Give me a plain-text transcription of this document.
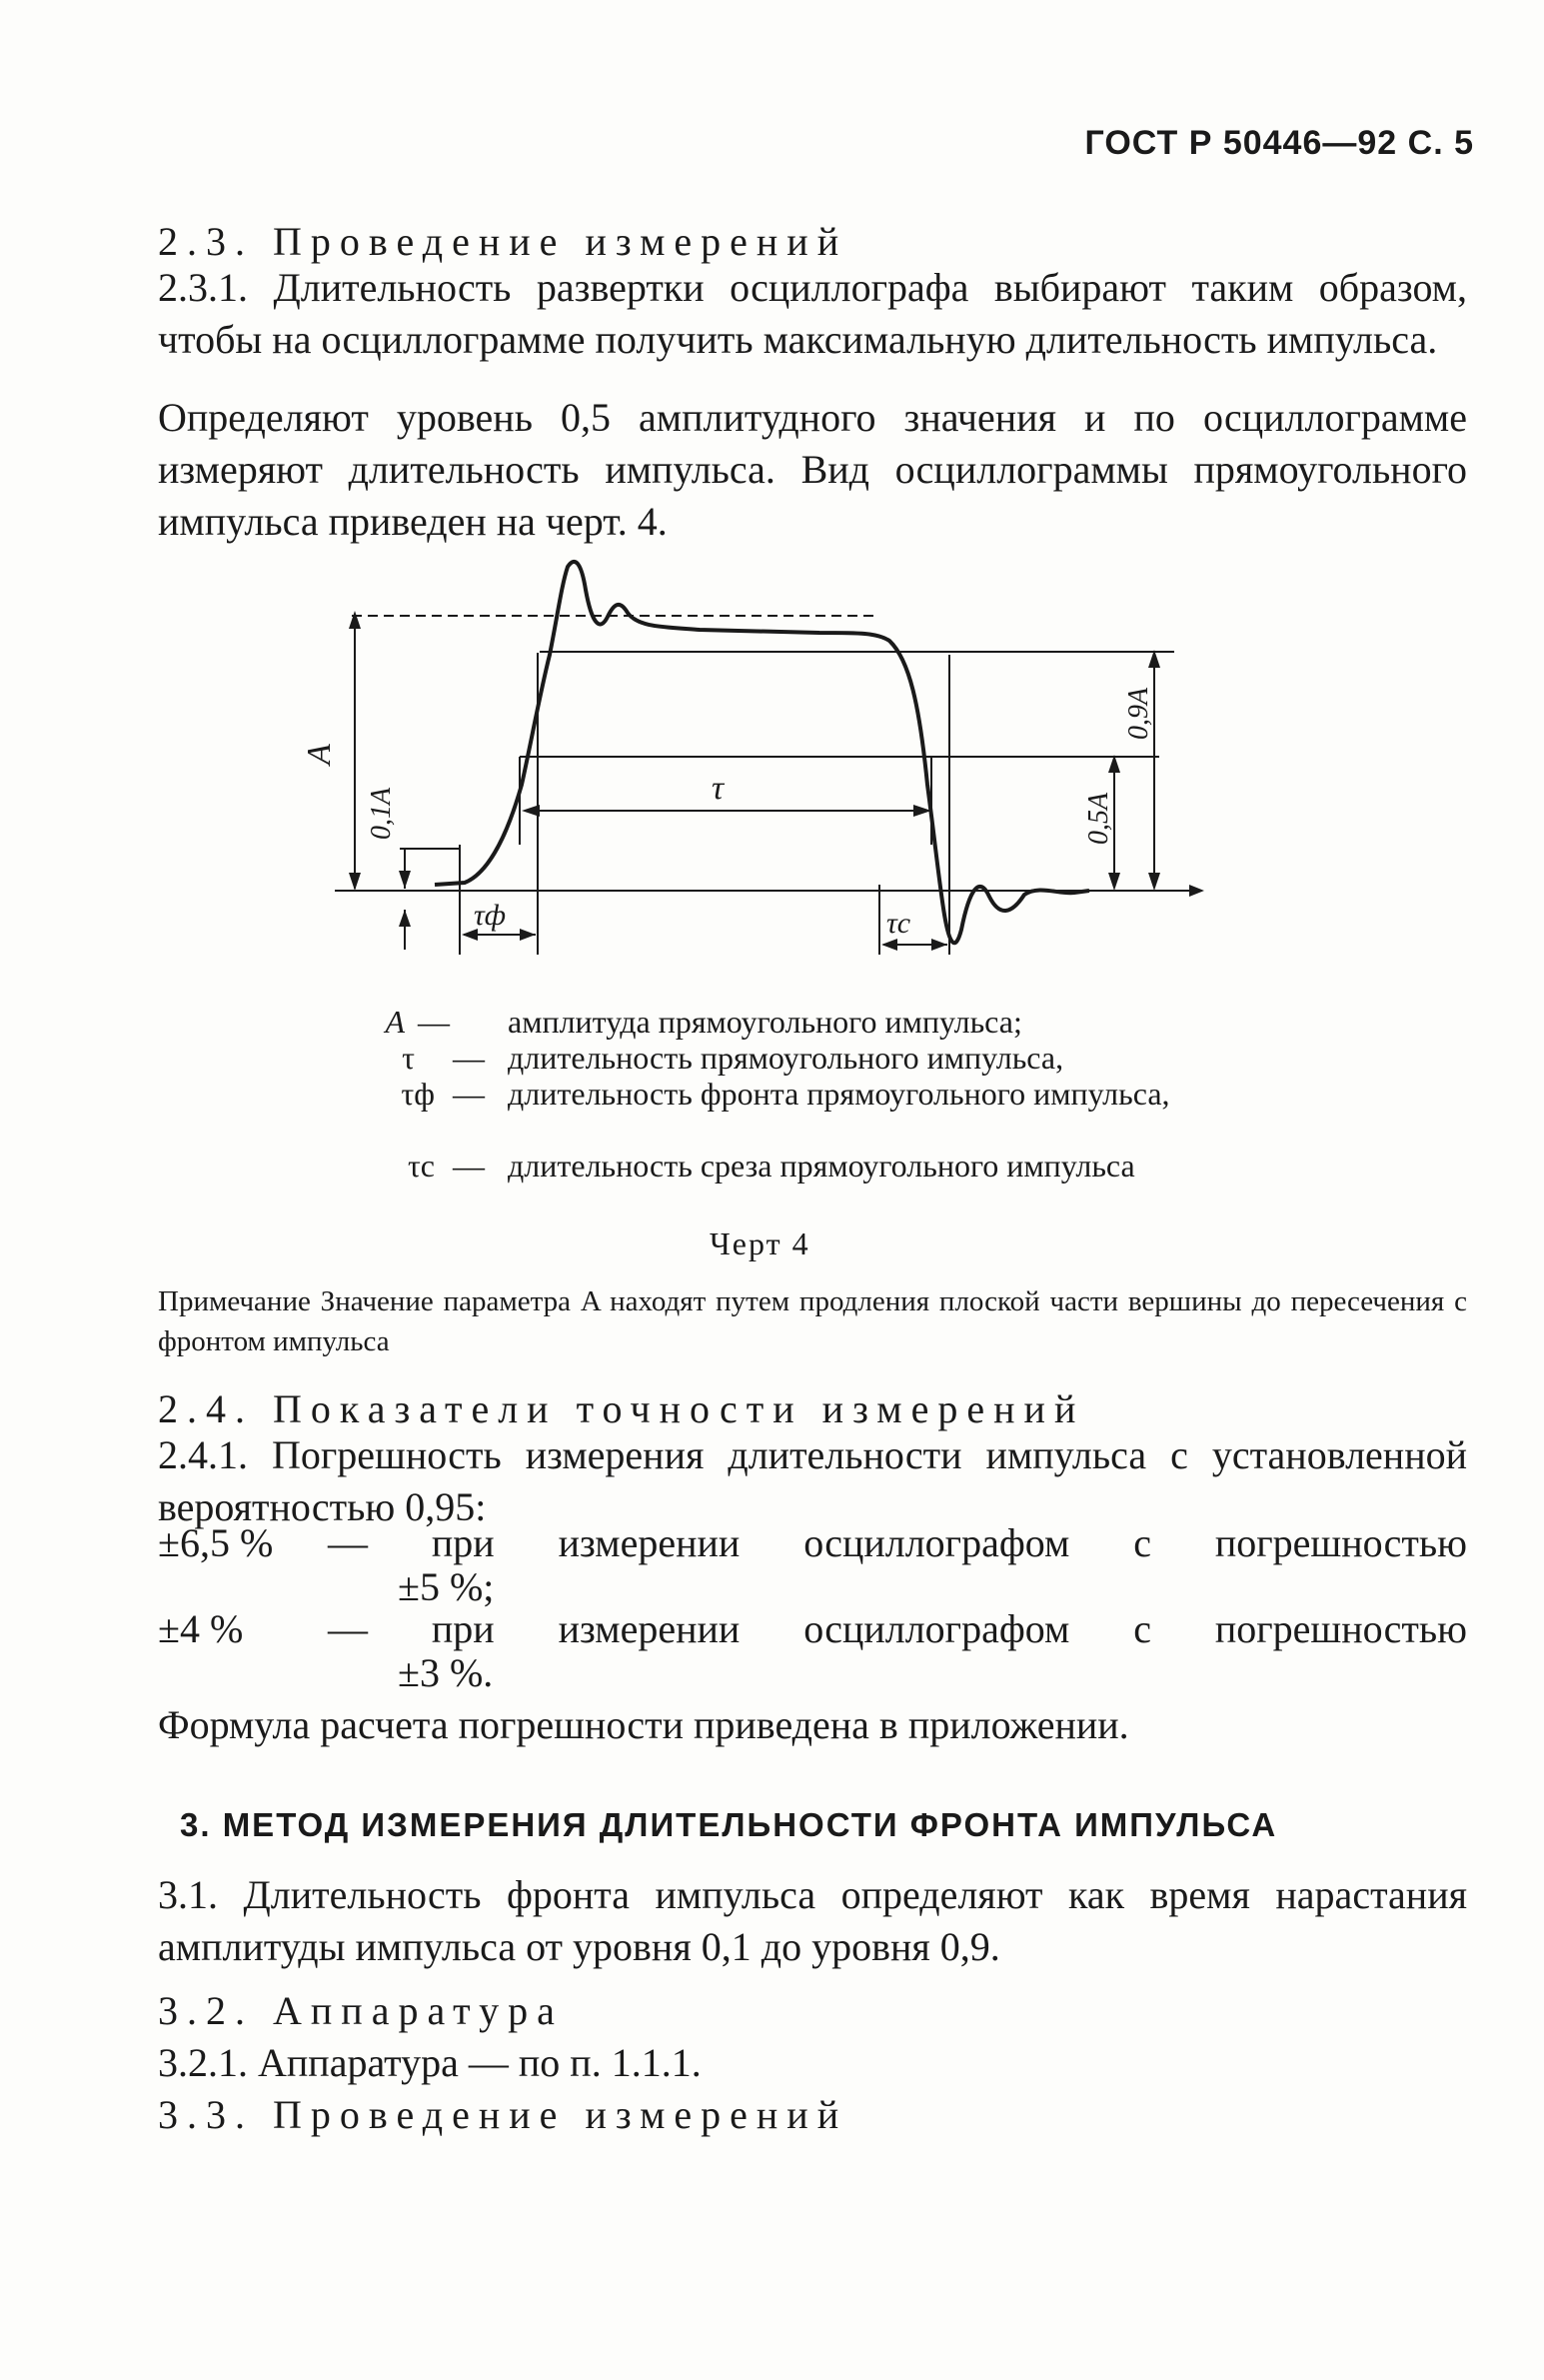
ГОСТ Р 50446—92 С. 5
2.3. Проведение измерений
2.3.1. Длительность развертки осциллографа выбирают таким образом, чтобы на осциллограмме получить максимальную длительность импульса.
Определяют уровень 0,5 амплитудного значения и по осциллограмме измеряют длительность импульса. Вид осциллограммы прямоугольного импульса приведен на черт. 4.
A
0,1A
0,9A
0,5A
τ
τф	τс
A — амплитуда прямоугольного импульса;
τ	— длительность прямоугольного импульса,
τф — длительность фронта прямоугольного импульса,
τс — длительность среза прямоугольного импульса
Черт 4
Примечание Значение параметра A находят путем продления плоской части вершины до пересечения с фронтом импульса
2.4. Показатели точности измерений
2.4.1. Погрешность измерения длительности импульса с установленной вероятностью 0,95:
±6,5 % — при измерении осциллографом с погрешностью
±5 %;
±4 % — при измерении осциллографом с погрешностью
±3 %.
Формула расчета погрешности приведена в приложении.
3. МЕТОД ИЗМЕРЕНИЯ ДЛИТЕЛЬНОСТИ ФРОНТА ИМПУЛЬСА
3.1. Длительность фронта импульса определяют как время нарастания амплитуды импульса от уровня 0,1 до уровня 0,9.
3.2. Аппаратура
3.2.1. Аппаратура — по п. 1.1.1.
3.3. Проведение измерений
